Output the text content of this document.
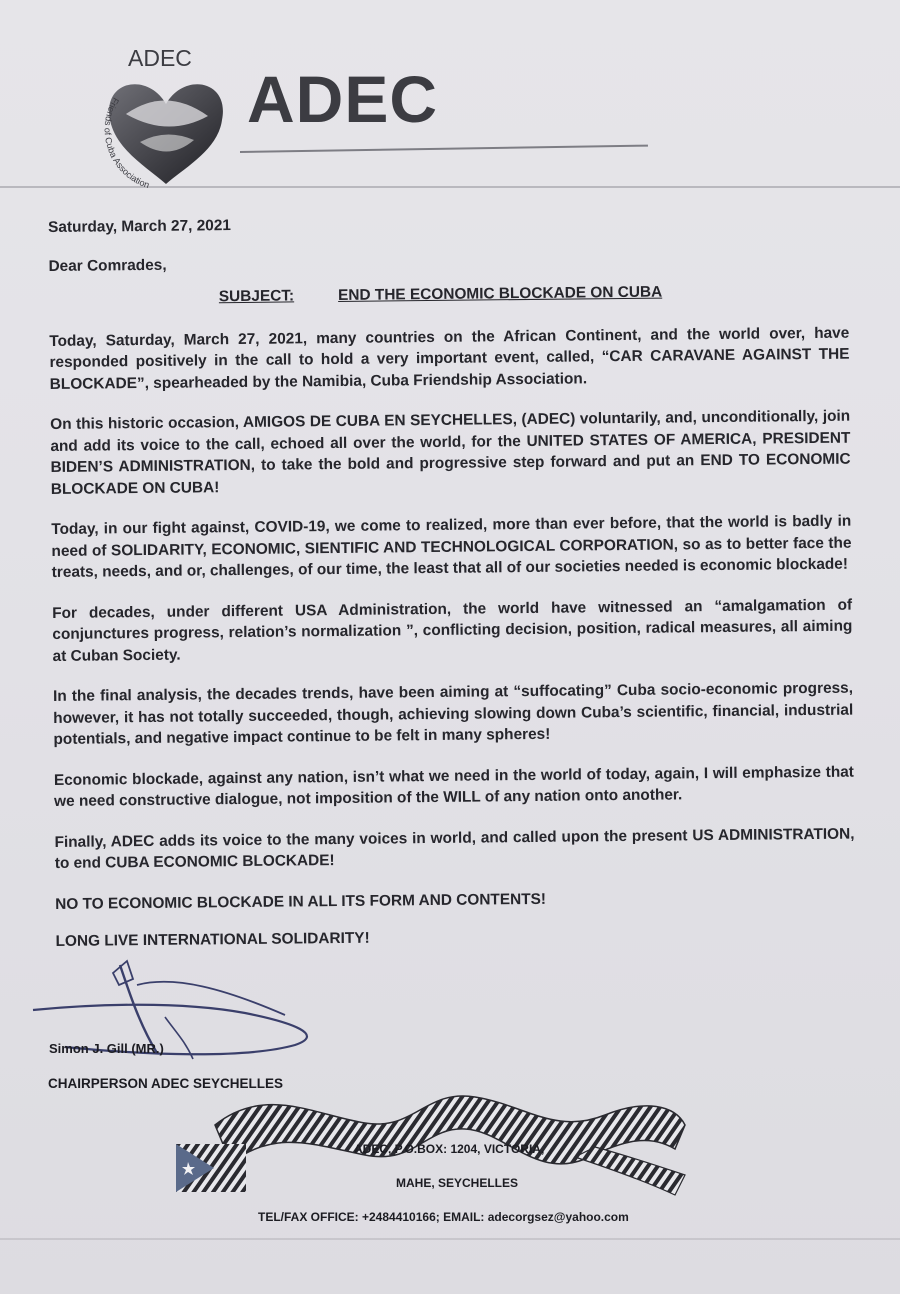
ADEC
Friends of Cuba Association
ADEC

Saturday, March 27, 2021

Dear Comrades,

SUBJECT:	END THE ECONOMIC BLOCKADE ON CUBA

Today, Saturday, March 27, 2021, many countries on the African Continent, and the world over, have responded positively in the call to hold a very important event, called, “CAR CARAVANE AGAINST THE BLOCKADE”, spearheaded by the Namibia, Cuba Friendship Association.

On this historic occasion, AMIGOS DE CUBA EN SEYCHELLES, (ADEC) voluntarily, and, unconditionally, join and add its voice to the call, echoed all over the world, for the UNITED STATES OF AMERICA, PRESIDENT BIDEN’S ADMINISTRATION, to take the bold and progressive step forward and put an END TO ECONOMIC BLOCKADE ON CUBA!

Today, in our fight against, COVID-19, we come to realized, more than ever before, that the world is badly in need of SOLIDARITY, ECONOMIC, SIENTIFIC AND TECHNOLOGICAL CORPORATION, so as to better face the treats, needs, and or, challenges, of our time, the least that all of our societies needed is economic blockade!

For decades, under different USA Administration, the world have witnessed an “amalgamation of conjunctures progress, relation’s normalization ”, conflicting decision, position, radical measures, all aiming at Cuban Society.

In the final analysis, the decades trends, have been aiming at “suffocating” Cuba socio-economic progress, however, it has not totally succeeded, though, achieving slowing down Cuba’s scientific, financial, industrial potentials, and negative impact continue to be felt in many spheres!

Economic blockade, against any nation, isn’t what we need in the world of today, again, I will emphasize that we need constructive dialogue, not imposition of the WILL of any nation onto another.

Finally, ADEC adds its voice to the many voices in world, and called upon the present US ADMINISTRATION, to end CUBA ECONOMIC BLOCKADE!

NO TO ECONOMIC BLOCKADE IN ALL ITS FORM AND CONTENTS!

LONG LIVE INTERNATIONAL SOLIDARITY!

Simon J. Gill (MR.)
CHAIRPERSON ADEC SEYCHELLES
ADEC, P.O.BOX: 1204, VICTORIA,
MAHE, SEYCHELLES
TEL/FAX OFFICE: +2484410166; EMAIL: adecorgsez@yahoo.com
